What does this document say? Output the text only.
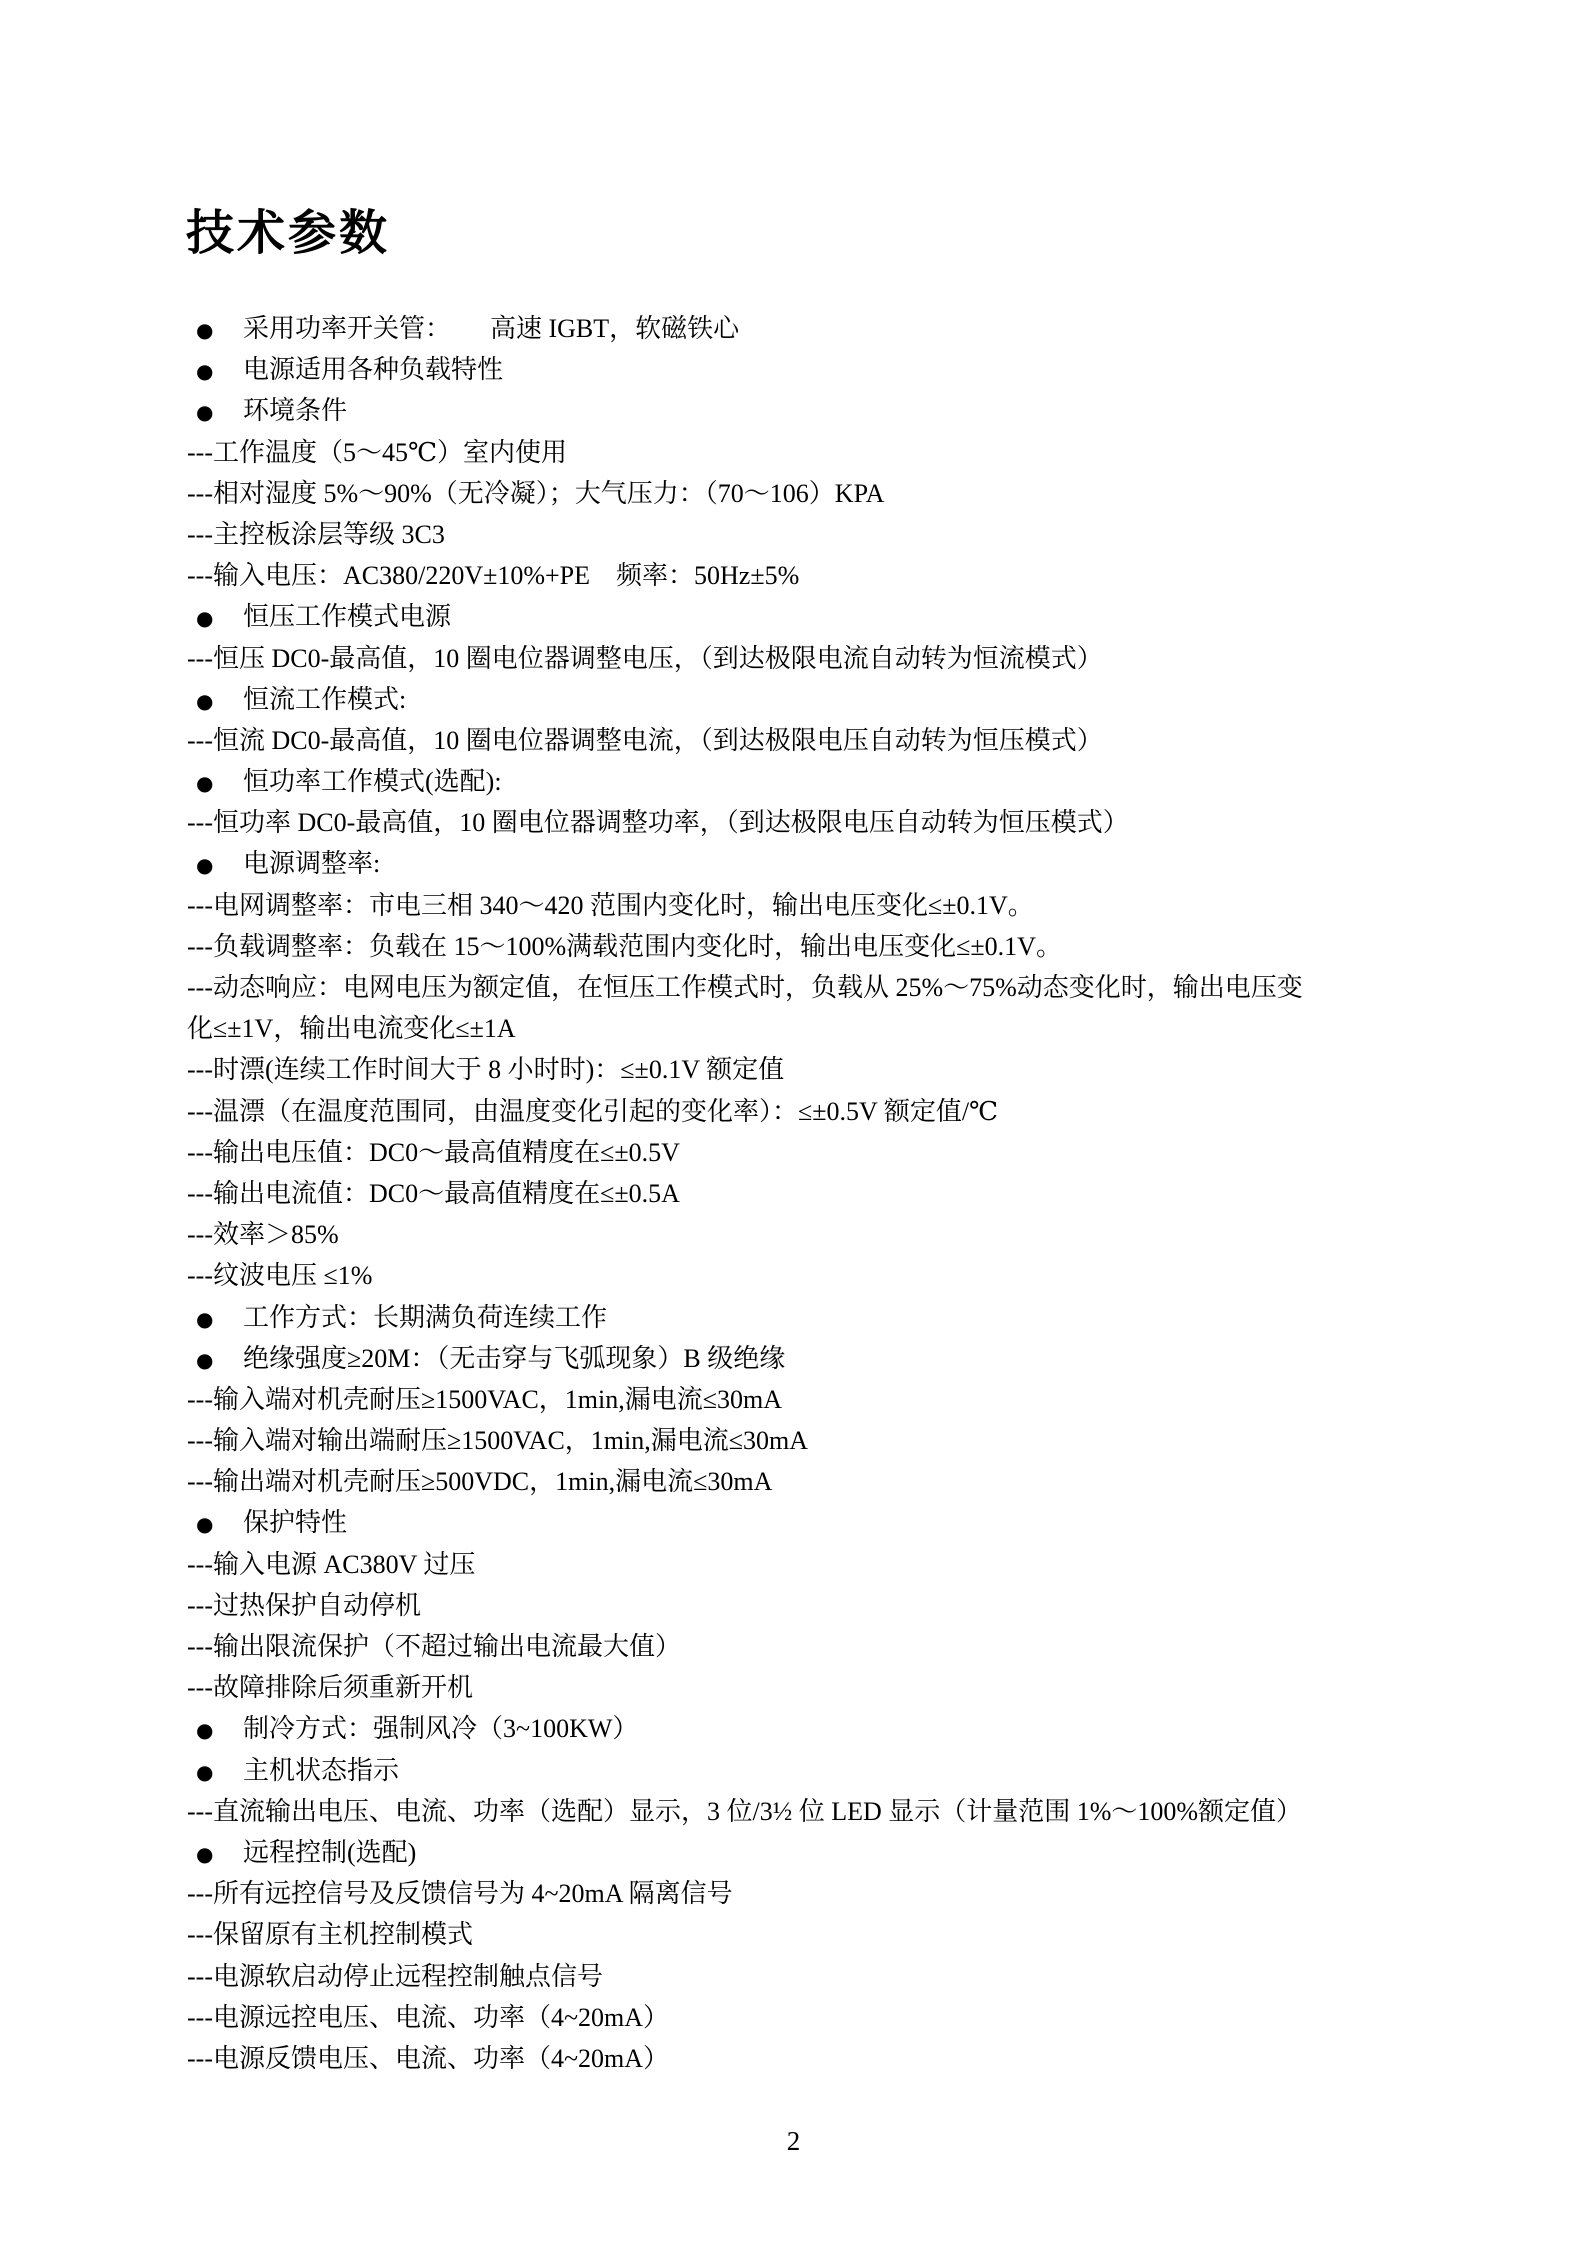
技术参数
● 采用功率开关管：　　高速 IGBT，软磁铁心
● 电源适用各种负载特性
● 环境条件
---工作温度（5～45℃）室内使用
---相对湿度 5%～90%（无冷凝）；大气压力：（70～106）KPA
---主控板涂层等级 3C3
---输入电压：AC380/220V±10%+PE　频率：50Hz±5%
● 恒压工作模式电源
---恒压 DC0-最高值，10 圈电位器调整电压，（到达极限电流自动转为恒流模式）
● 恒流工作模式:
---恒流 DC0-最高值，10 圈电位器调整电流，（到达极限电压自动转为恒压模式）
● 恒功率工作模式(选配):
---恒功率 DC0-最高值，10 圈电位器调整功率，（到达极限电压自动转为恒压模式）
● 电源调整率:
---电网调整率：市电三相 340～420 范围内变化时，输出电压变化≤±0.1V。
---负载调整率：负载在 15～100%满载范围内变化时，输出电压变化≤±0.1V。
---动态响应：电网电压为额定值，在恒压工作模式时，负载从 25%～75%动态变化时，输出电压变
化≤±1V，输出电流变化≤±1A
---时漂(连续工作时间大于 8 小时时)：≤±0.1V 额定值
---温漂（在温度范围同，由温度变化引起的变化率）：≤±0.5V 额定值/℃
---输出电压值：DC0～最高值精度在≤±0.5V
---输出电流值：DC0～最高值精度在≤±0.5A
---效率＞85%
---纹波电压 ≤1%
● 工作方式：长期满负荷连续工作
● 绝缘强度≥20M：（无击穿与飞弧现象）B 级绝缘
---输入端对机壳耐压≥1500VAC，1min,漏电流≤30mA
---输入端对输出端耐压≥1500VAC，1min,漏电流≤30mA
---输出端对机壳耐压≥500VDC，1min,漏电流≤30mA
● 保护特性
---输入电源 AC380V 过压
---过热保护自动停机
---输出限流保护（不超过输出电流最大值）
---故障排除后须重新开机
● 制冷方式：强制风冷（3~100KW）
● 主机状态指示
---直流输出电压、电流、功率（选配）显示，3 位/3½ 位 LED 显示（计量范围 1%～100%额定值）
● 远程控制(选配)
---所有远控信号及反馈信号为 4~20mA 隔离信号
---保留原有主机控制模式
---电源软启动停止远程控制触点信号
---电源远控电压、电流、功率（4~20mA）
---电源反馈电压、电流、功率（4~20mA）
2
